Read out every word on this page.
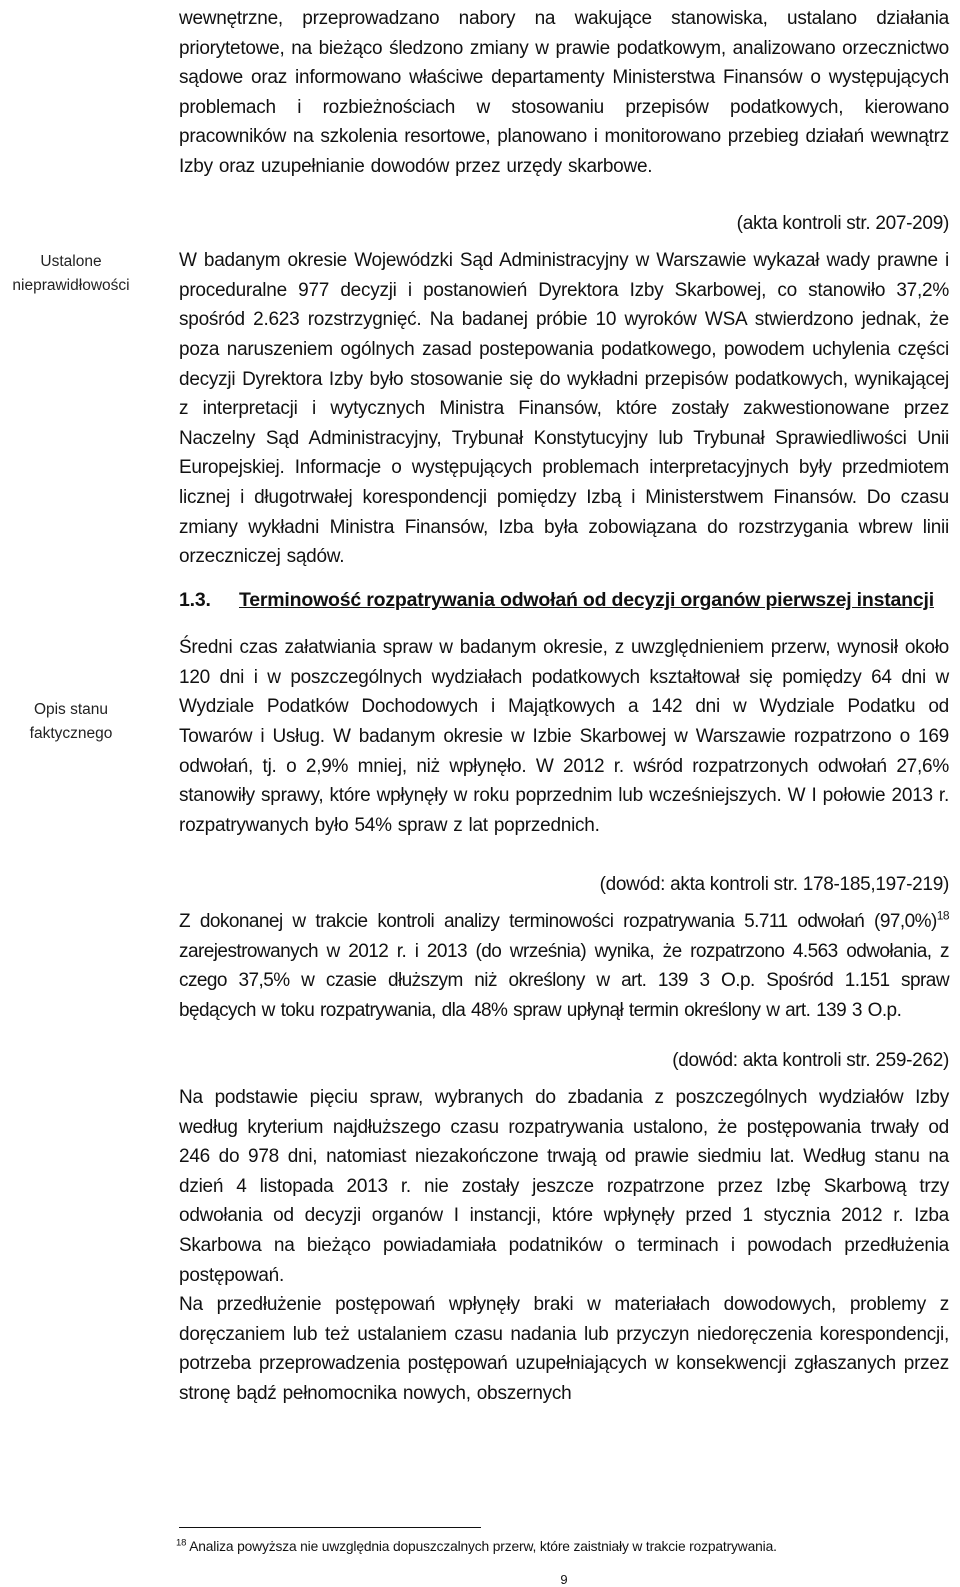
Ustalone
nieprawidłowości
Opis stanu
faktycznego

wewnętrzne, przeprowadzano nabory na wakujące stanowiska, ustalano działania priorytetowe, na bieżąco śledzono zmiany w prawie podatkowym, analizowano orzecznictwo sądowe oraz informowano właściwe departamenty Ministerstwa Finansów o występujących problemach i rozbieżnościach w stosowaniu przepisów podatkowych, kierowano pracowników na szkolenia resortowe, planowano i monitorowano przebieg działań wewnątrz Izby oraz uzupełnianie dowodów przez urzędy skarbowe.

(akta kontroli str. 207-209)

W badanym okresie Wojewódzki Sąd Administracyjny w Warszawie wykazał wady prawne i proceduralne 977 decyzji i postanowień Dyrektora Izby Skarbowej, co stanowiło 37,2% spośród 2.623 rozstrzygnięć. Na badanej próbie 10 wyroków WSA stwierdzono jednak, że poza naruszeniem ogólnych zasad postepowania podatkowego, powodem uchylenia części decyzji Dyrektora Izby było stosowanie się do wykładni przepisów podatkowych, wynikającej z interpretacji i wytycznych Ministra Finansów, które zostały zakwestionowane przez Naczelny Sąd Administracyjny, Trybunał Konstytucyjny lub Trybunał Sprawiedliwości Unii Europejskiej. Informacje o występujących problemach interpretacyjnych były przedmiotem licznej i długotrwałej korespondencji pomiędzy Izbą i Ministerstwem Finansów. Do czasu zmiany wykładni Ministra Finansów, Izba była zobowiązana do rozstrzygania wbrew linii orzeczniczej sądów.

1.3.	Terminowość rozpatrywania odwołań od decyzji organów pierwszej instancji

Średni czas załatwiania spraw w badanym okresie, z uwzględnieniem przerw, wynosił około 120 dni i w poszczególnych wydziałach podatkowych kształtował się pomiędzy 64 dni w Wydziale Podatków Dochodowych i Majątkowych a 142 dni w Wydziale Podatku od Towarów i Usług. W badanym okresie w Izbie Skarbowej w Warszawie rozpatrzono o 169 odwołań, tj. o 2,9% mniej, niż wpłynęło. W 2012 r. wśród rozpatrzonych odwołań 27,6% stanowiły sprawy, które wpłynęły w roku poprzednim lub wcześniejszych. W I połowie 2013 r. rozpatrywanych było 54% spraw z lat poprzednich.

(dowód: akta kontroli str. 178-185,197-219)

Z dokonanej w trakcie kontroli analizy terminowości rozpatrywania 5.711 odwołań $(97,0\%)^{18}$ zarejestrowanych w 2012 r. i 2013 (do września) wynika, że rozpatrzono 4.563 odwołania, z czego 37,5% w czasie dłuższym niż określony w art. 139 3 O.p. Spośród 1.151 spraw będących w toku rozpatrywania, dla 48% spraw upłynął termin określony w art. 139 3 O.p.

(dowód: akta kontroli str. 259-262)

Na podstawie pięciu spraw, wybranych do zbadania z poszczególnych wydziałów Izby według kryterium najdłuższego czasu rozpatrywania ustalono, że postępowania trwały od 246 do 978 dni, natomiast niezakończone trwają od prawie siedmiu lat. Według stanu na dzień 4 listopada 2013 r. nie zostały jeszcze rozpatrzone przez Izbę Skarbową trzy odwołania od decyzji organów I instancji, które wpłynęły przed 1 stycznia 2012 r. Izba Skarbowa na bieżąco powiadamiała podatników o terminach i powodach przedłużenia postępowań.

Na przedłużenie postępowań wpłynęły braki w materiałach dowodowych, problemy z doręczaniem lub też ustalaniem czasu nadania lub przyczyn niedoręczenia korespondencji, potrzeba przeprowadzenia postępowań uzupełniających w konsekwencji zgłaszanych przez stronę bądź pełnomocnika nowych, obszernych

$^{18}$ Analiza powyższa nie uwzględnia dopuszczalnych przerw, które zaistniały w trakcie rozpatrywania.
9
